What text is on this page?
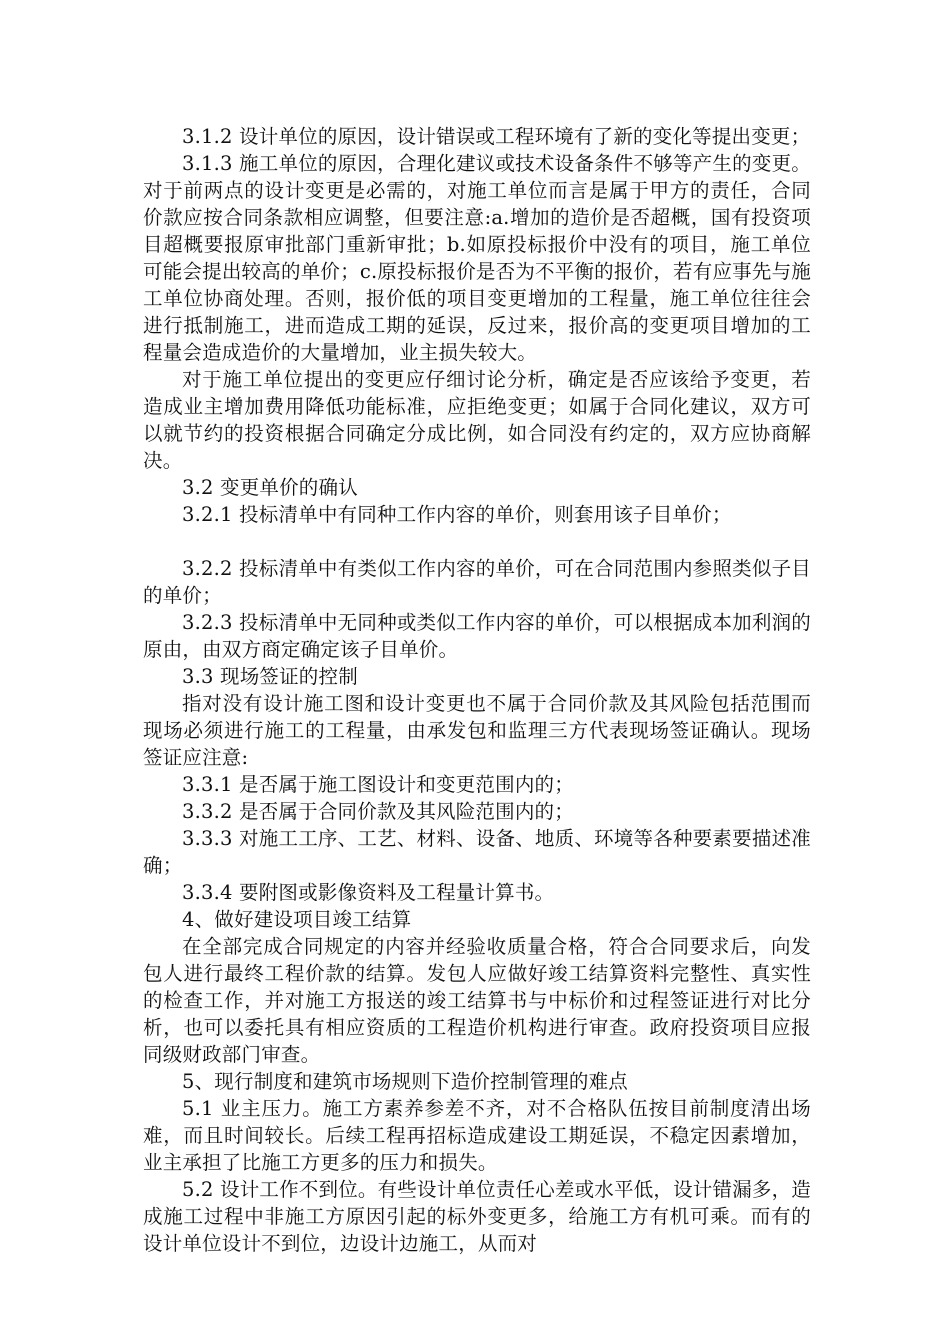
3.1.2 设计单位的原因，设计错误或工程环境有了新的变化等提出变更；

3.1.3 施工单位的原因，合理化建议或技术设备条件不够等产生的变更。对于前两点的设计变更是必需的，对施工单位而言是属于甲方的责任，合同价款应按合同条款相应调整，但要注意:a.增加的造价是否超概，国有投资项目超概要报原审批部门重新审批；b.如原投标报价中没有的项目，施工单位可能会提出较高的单价；c.原投标报价是否为不平衡的报价，若有应事先与施工单位协商处理。否则，报价低的项目变更增加的工程量，施工单位往往会进行抵制施工，进而造成工期的延误，反过来，报价高的变更项目增加的工程量会造成造价的大量增加，业主损失较大。

对于施工单位提出的变更应仔细讨论分析，确定是否应该给予变更，若造成业主增加费用降低功能标准，应拒绝变更；如属于合同化建议，双方可以就节约的投资根据合同确定分成比例，如合同没有约定的，双方应协商解决。

3.2 变更单价的确认

3.2.1 投标清单中有同种工作内容的单价，则套用该子目单价；

3.2.2 投标清单中有类似工作内容的单价，可在合同范围内参照类似子目的单价；

3.2.3 投标清单中无同种或类似工作内容的单价，可以根据成本加利润的原由，由双方商定确定该子目单价。

3.3 现场签证的控制

指对没有设计施工图和设计变更也不属于合同价款及其风险包括范围而现场必须进行施工的工程量，由承发包和监理三方代表现场签证确认。现场签证应注意:

3.3.1 是否属于施工图设计和变更范围内的；

3.3.2 是否属于合同价款及其风险范围内的；

3.3.3 对施工工序、工艺、材料、设备、地质、环境等各种要素要描述准确；

3.3.4 要附图或影像资料及工程量计算书。

4、做好建设项目竣工结算

在全部完成合同规定的内容并经验收质量合格，符合合同要求后，向发包人进行最终工程价款的结算。发包人应做好竣工结算资料完整性、真实性的检查工作，并对施工方报送的竣工结算书与中标价和过程签证进行对比分析，也可以委托具有相应资质的工程造价机构进行审查。政府投资项目应报同级财政部门审查。

5、现行制度和建筑市场规则下造价控制管理的难点

5.1 业主压力。施工方素养参差不齐，对不合格队伍按目前制度清出场难，而且时间较长。后续工程再招标造成建设工期延误，不稳定因素增加，业主承担了比施工方更多的压力和损失。

5.2 设计工作不到位。有些设计单位责任心差或水平低，设计错漏多，造成施工过程中非施工方原因引起的标外变更多，给施工方有机可乘。而有的设计单位设计不到位，边设计边施工，从而对
